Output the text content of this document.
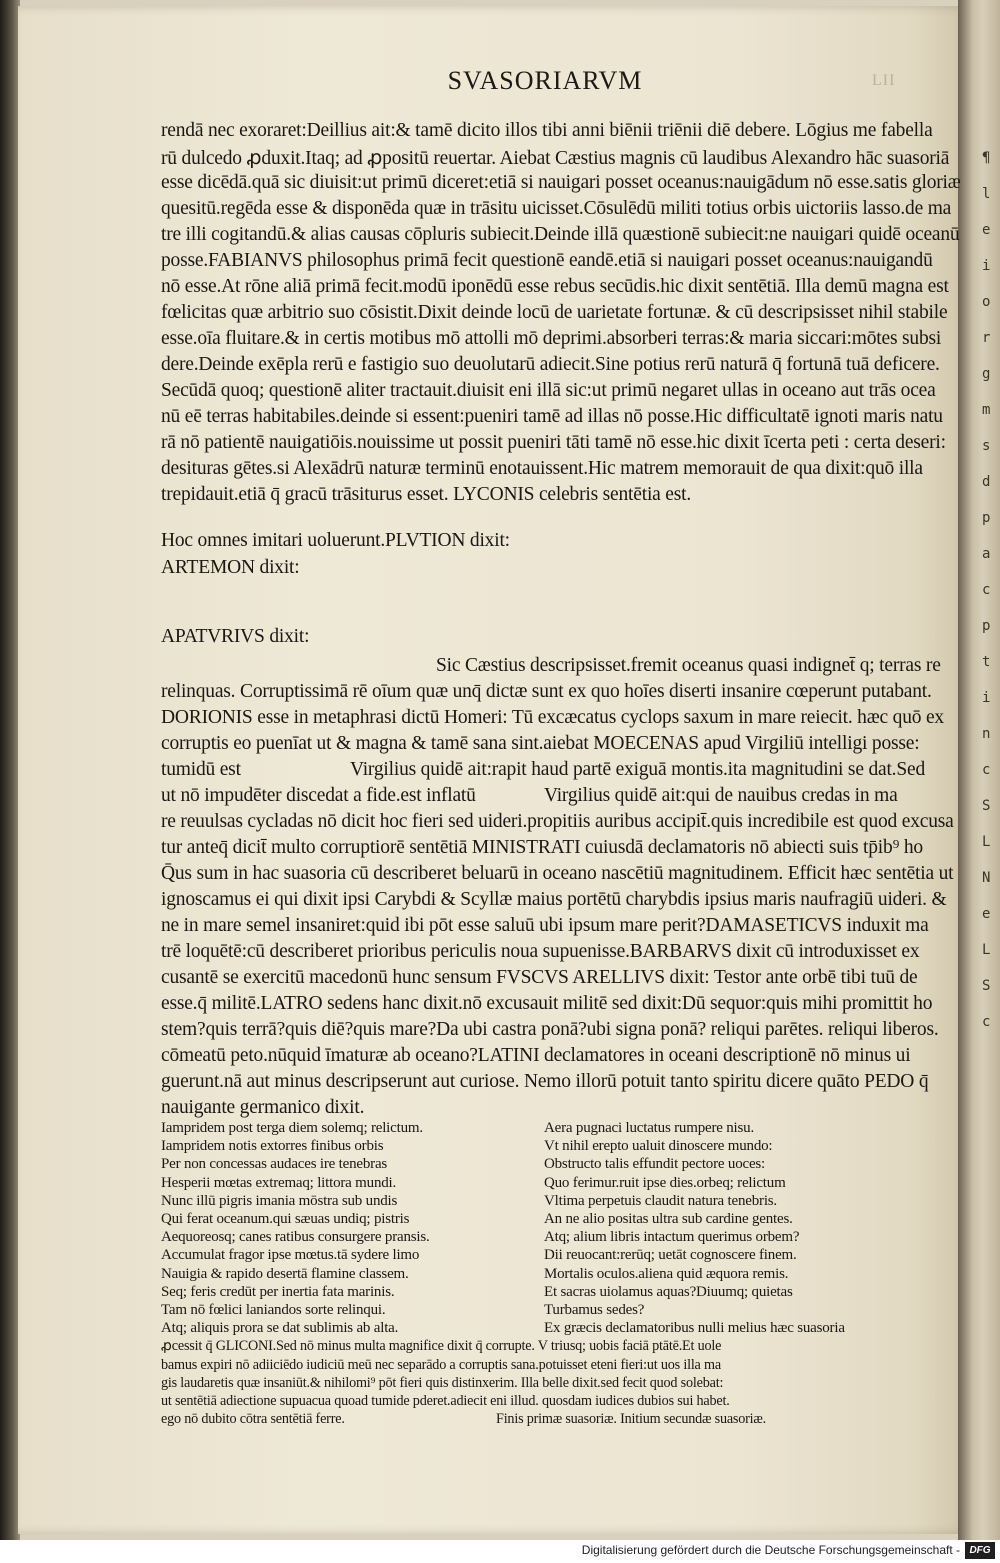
¶
l
e
i
o
r
g
m
s
d
p
a
c
p
t
i
n
c
S
L
N
e
L
S
c
SVASORIARVM	LII
rendā nec exoraret:Deillius ait:& tamē dicito illos tibi anni biēnii triēnii diē debere. Lōgius me fabella
rū dulcedo ꝓduxit.Itaq; ad ꝓpositū reuertar. Aiebat Cæstius magnis cū laudibus Alexandro hāc suasoriā
esse dicēdā.quā sic diuisit:ut primū diceret:etiā si nauigari posset oceanus:nauigādum nō esse.satis gloriæ
quesitū.regēda esse & disponēda quæ in trāsitu uicisset.Cōsulēdū militi totius orbis uictoriis lasso.de ma
tre illi cogitandū.& alias causas cōpluris subiecit.Deinde illā quæstionē subiecit:ne nauigari quidē oceanū
posse.FABIANVS philosophus primā fecit questionē eandē.etiā si nauigari posset oceanus:nauigandū
nō esse.At rōne aliā primā fecit.modū iponēdū esse rebus secūdis.hic dixit sentētiā. Illa demū magna est
fœlicitas quæ arbitrio suo cōsistit.Dixit deinde locū de uarietate fortunæ. & cū descripsisset nihil stabile
esse.oīa fluitare.& in certis motibus mō attolli mō deprimi.absorberi terras:& maria siccari:mōtes subsi
dere.Deinde exēpla rerū e fastigio suo deuolutarū adiecit.Sine potius rerū naturā q̄ fortunā tuā deficere.
Secūdā quoq; questionē aliter tractauit.diuisit eni illā sic:ut primū negaret ullas in oceano aut trās ocea
nū eē terras habitabiles.deinde si essent:pueniri tamē ad illas nō posse.Hic difficultatē ignoti maris natu
rā nō patientē nauigatiōis.nouissime ut possit pueniri tāti tamē nō esse.hic dixit īcerta peti : certa deseri:
desituras gētes.si Alexādrū naturæ terminū enotauissent.Hic matrem memorauit de qua dixit:quō illa
trepidauit.etiā q̄ gracū trāsiturus esset. LYCONIS celebris sentētia est.
Hoc omnes imitari uoluerunt.PLVTION dixit:
ARTEMON dixit:
APATVRIVS dixit:
Sic Cæstius descripsisset.fremit oceanus quasi indignet̄ q; terras re
relinquas. Corruptissimā rē oīum quæ unq̄ dictæ sunt ex quo hoīes diserti insanire cœperunt putabant.
DORIONIS esse in metaphrasi dictū Homeri: Tū excæcatus cyclops saxum in mare reiecit. hæc quō ex
corruptis eo puenīat ut & magna & tamē sana sint.aiebat MOECENAS apud Virgiliū intelligi posse:
tumidū est	Virgilius quidē ait:rapit haud partē exiguā montis.ita magnitudini se dat.Sed
ut nō impudēter discedat a fide.est inflatū	Virgilius quidē ait:qui de nauibus credas in ma
re reuulsas cycladas nō dicit hoc fieri sed uideri.propitiis auribus accipit̄.quis incredibile est quod excusa
tur anteq̄ dicit̄ multo corruptiorē sentētiā MINISTRATI cuiusdā declamatoris nō abiecti suis tp̄ib⁹ ho
Q̄us sum in hac suasoria cū describeret beluarū in oceano nascētiū magnitudinem. Efficit hæc sentētia ut
ignoscamus ei qui dixit ipsi Carybdi & Scyllæ maius portētū charybdis ipsius maris naufragiū uideri. &
ne in mare semel insaniret:quid ibi pōt esse saluū ubi ipsum mare perit?DAMASETICVS induxit ma
trē loquētē:cū describeret prioribus periculis noua supuenisse.BARBARVS dixit cū introduxisset ex
cusantē se exercitū macedonū hunc sensum FVSCVS ARELLIVS dixit: Testor ante orbē tibi tuū de
esse.q̄ militē.LATRO sedens hanc dixit.nō excusauit militē sed dixit:Dū sequor:quis mihi promittit ho
stem?quis terrā?quis diē?quis mare?Da ubi castra ponā?ubi signa ponā? reliqui parētes. reliqui liberos.
cōmeatū peto.nūquid īmaturæ ab oceano?LATINI declamatores in oceani descriptionē nō minus ui
guerunt.nā aut minus descripserunt aut curiose. Nemo illorū potuit tanto spiritu dicere quāto PEDO q̄
nauigante germanico dixit.
Iampridem post terga diem solemq; relictum.
Iampridem notis extorres finibus orbis
Per non concessas audaces ire tenebras
Hesperii mœtas extremaq; littora mundi.
Nunc illū pigris imania mōstra sub undis
Qui ferat oceanum.qui sæuas undiq; pistris
Aequoreosq; canes ratibus consurgere pransis.
Accumulat fragor ipse mœtus.tā sydere limo
Nauigia & rapido desertā flamine classem.
Seq; feris credūt per inertia fata marinis.
Tam nō fœlici laniandos sorte relinqui.
Atq; aliquis prora se dat sublimis ab alta.
Aera pugnaci luctatus rumpere nisu.
Vt nihil erepto ualuit dinoscere mundo:
Obstructo talis effundit pectore uoces:
Quo ferimur.ruit ipse dies.orbeq; relictum
Vltima perpetuis claudit natura tenebris.
An ne alio positas ultra sub cardine gentes.
Atq; alium libris intactum querimus orbem?
Dii reuocant:rerūq; uetāt cognoscere finem.
Mortalis oculos.aliena quid æquora remis.
Et sacras uiolamus aquas?Diuumq; quietas
Turbamus sedes?
Ex græcis declamatoribus nulli melius hæc suasoria
ꝓcessit q̄ GLICONI.Sed nō minus multa magnifice dixit q̄ corrupte. V triusq; uobis faciā ptātē.Et uole
bamus expiri nō adiiciēdo iudiciū meū nec separādo a corruptis sana.potuisset eteni fieri:ut uos illa ma
gis laudaretis quæ insaniūt.& nihilomi⁹ pōt fieri quis distinxerim. Illa belle dixit.sed fecit quod solebat:
ut sentētiā adiectione supuacua quoad tumide pderet.adiecit eni illud. quosdam iudices dubios sui habet.
ego nō dubito cōtra sentētiā ferre.	Finis primæ suasoriæ. Initium secundæ suasoriæ.
Digitalisierung gefördert durch die Deutsche Forschungsgemeinschaft - DFG
